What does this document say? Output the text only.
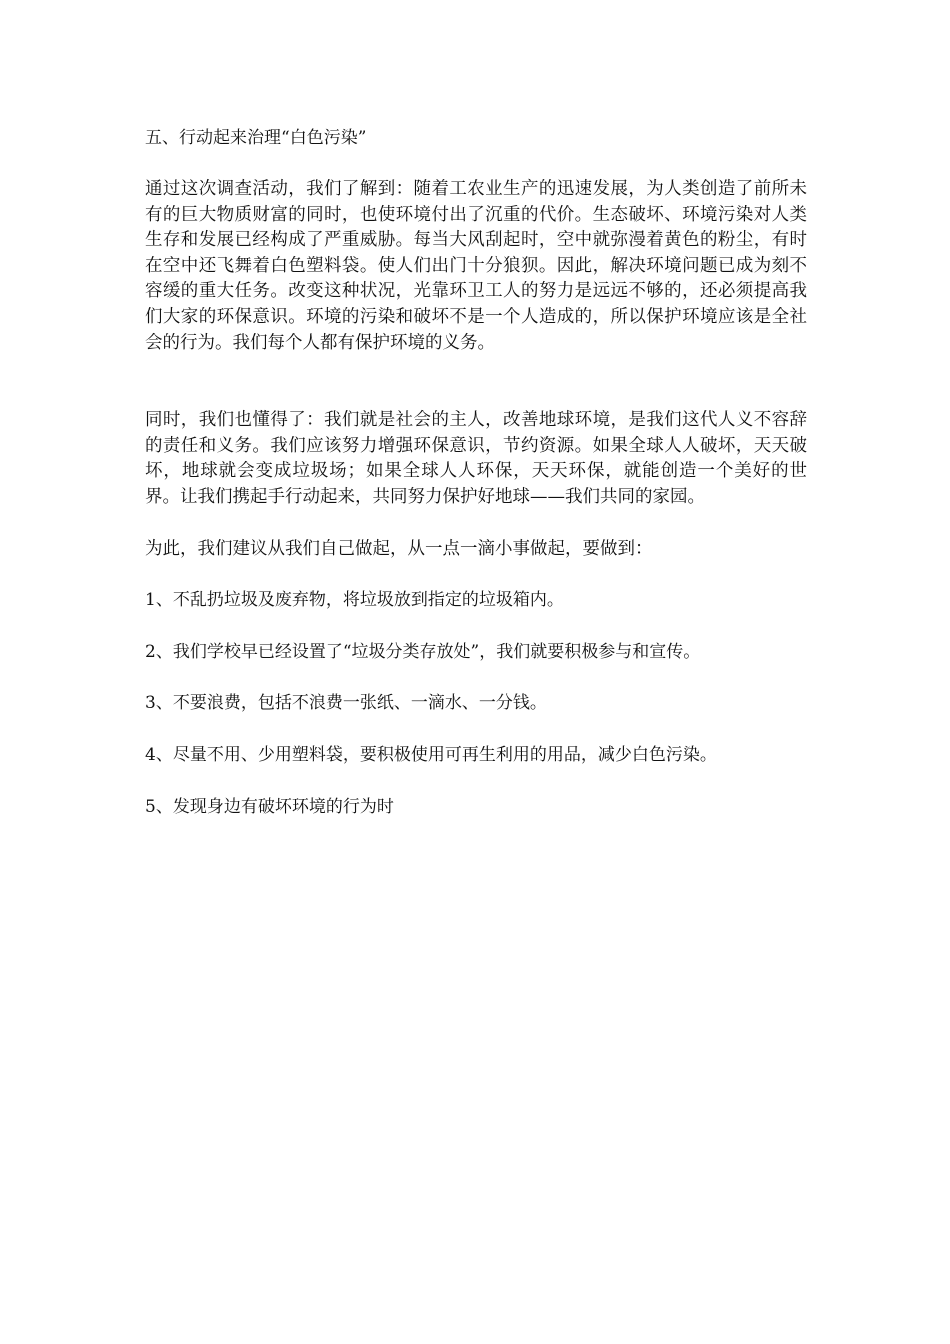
五、行动起来治理“白色污染”

通过这次调查活动，我们了解到：随着工农业生产的迅速发展，为人类创造了前所未有的巨大物质财富的同时，也使环境付出了沉重的代价。生态破坏、环境污染对人类生存和发展已经构成了严重威胁。每当大风刮起时，空中就弥漫着黄色的粉尘，有时在空中还飞舞着白色塑料袋。使人们出门十分狼狈。因此，解决环境问题已成为刻不容缓的重大任务。改变这种状况，光靠环卫工人的努力是远远不够的，还必须提高我们大家的环保意识。环境的污染和破坏不是一个人造成的，所以保护环境应该是全社会的行为。我们每个人都有保护环境的义务。

同时，我们也懂得了：我们就是社会的主人，改善地球环境，是我们这代人义不容辞的责任和义务。我们应该努力增强环保意识，节约资源。如果全球人人破坏，天天破坏，地球就会变成垃圾场；如果全球人人环保，天天环保，就能创造一个美好的世界。让我们携起手行动起来，共同努力保护好地球——我们共同的家园。

为此，我们建议从我们自己做起，从一点一滴小事做起，要做到：

1、不乱扔垃圾及废弃物，将垃圾放到指定的垃圾箱内。

2、我们学校早已经设置了“垃圾分类存放处”，我们就要积极参与和宣传。

3、不要浪费，包括不浪费一张纸、一滴水、一分钱。

4、尽量不用、少用塑料袋，要积极使用可再生利用的用品，减少白色污染。

5、发现身边有破坏环境的行为时
